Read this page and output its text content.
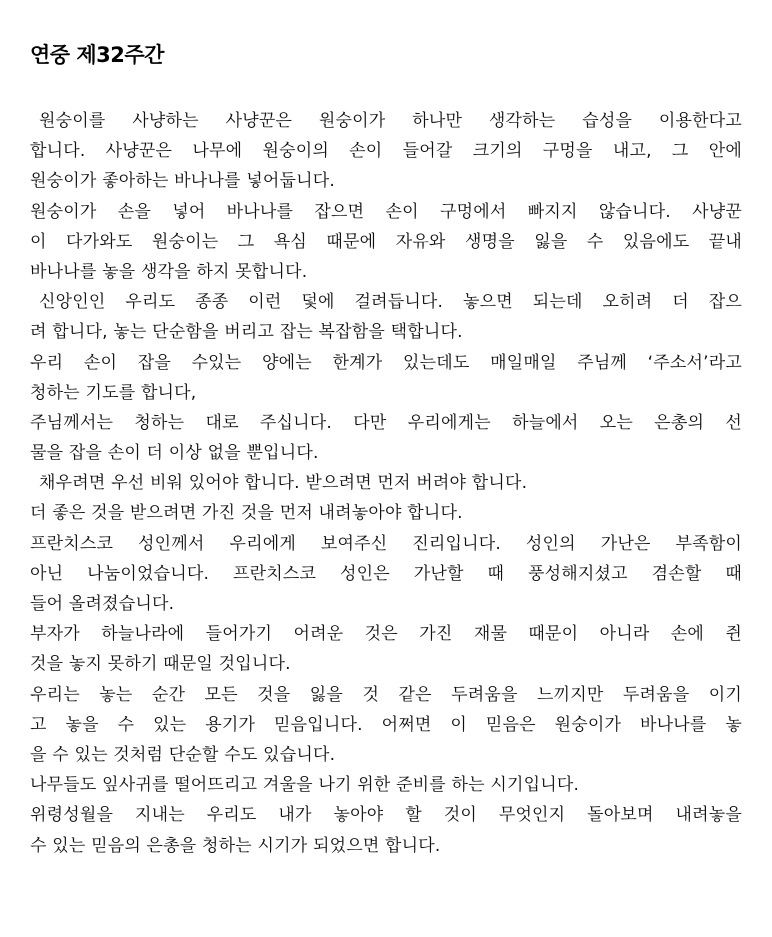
연중 제32주간
원숭이를 사냥하는 사냥꾼은 원숭이가 하나만 생각하는 습성을 이용한다고
합니다. 사냥꾼은 나무에 원숭이의 손이 들어갈 크기의 구멍을 내고, 그 안에
원숭이가 좋아하는 바나나를 넣어둡니다.
원숭이가 손을 넣어 바나나를 잡으면 손이 구멍에서 빠지지 않습니다. 사냥꾼
이 다가와도 원숭이는 그 욕심 때문에 자유와 생명을 잃을 수 있음에도 끝내
바나나를 놓을 생각을 하지 못합니다.
신앙인인 우리도 종종 이런 덫에 걸려듭니다. 놓으면 되는데 오히려 더 잡으
려 합니다, 놓는 단순함을 버리고 잡는 복잡함을 택합니다.
우리 손이 잡을 수있는 양에는 한계가 있는데도 매일매일 주님께 ‘주소서’라고
청하는 기도를 합니다,
주님께서는 청하는 대로 주십니다. 다만 우리에게는 하늘에서 오는 은총의 선
물을 잡을 손이 더 이상 없을 뿐입니다.
채우려면 우선 비워 있어야 합니다. 받으려면 먼저 버려야 합니다.
더 좋은 것을 받으려면 가진 것을 먼저 내려놓아야 합니다.
프란치스코 성인께서 우리에게 보여주신 진리입니다. 성인의 가난은 부족함이
아닌 나눔이었습니다. 프란치스코 성인은 가난할 때 풍성해지셨고 겸손할 때
들어 올려졌습니다.
부자가 하늘나라에 들어가기 어려운 것은 가진 재물 때문이 아니라 손에 쥔
것을 놓지 못하기 때문일 것입니다.
우리는 놓는 순간 모든 것을 잃을 것 같은 두려움을 느끼지만 두려움을 이기
고 놓을 수 있는 용기가 믿음입니다. 어쩌면 이 믿음은 원숭이가 바나나를 놓
을 수 있는 것처럼 단순할 수도 있습니다.
나무들도 잎사귀를 떨어뜨리고 겨울을 나기 위한 준비를 하는 시기입니다.
위령성월을 지내는 우리도 내가 놓아야 할 것이 무엇인지 돌아보며 내려놓을
수 있는 믿음의 은총을 청하는 시기가 되었으면 합니다.
